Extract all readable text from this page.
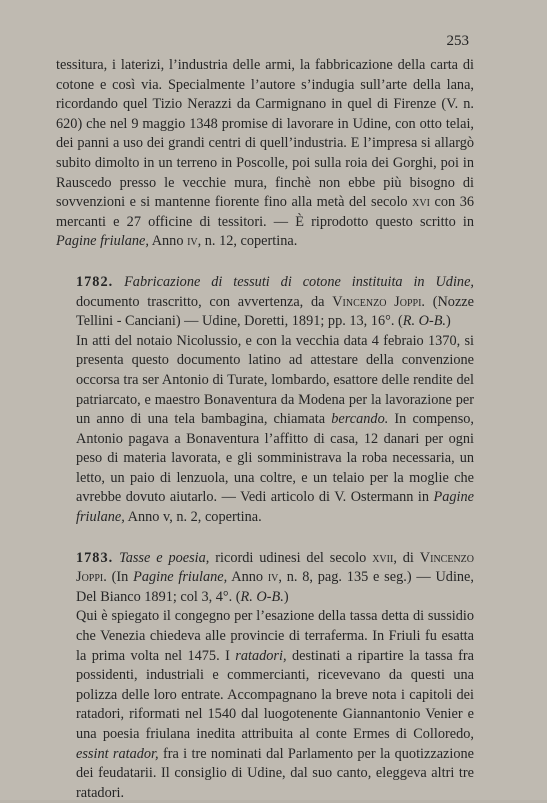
253

tessitura, i laterizi, l’industria delle armi, la fabbricazione della carta di cotone e così via. Specialmente l’autore s’indugia sull’arte della lana, ricordando quel Tizio Nerazzi da Carmignano in quel di Firenze (V. n. 620) che nel 9 maggio 1348 promise di lavorare in Udine, con otto telai, dei panni a uso dei grandi centri di quell’industria. E l’impresa si allargò subito dimolto in un terreno in Poscolle, poi sulla roia dei Gorghi, poi in Rauscedo presso le vecchie mura, finchè non ebbe più bisogno di sovvenzioni e si mantenne fiorente fino alla metà del secolo xvi con 36 mercanti e 27 officine di tessitori. — È riprodotto questo scritto in Pagine friulane, Anno iv, n. 12, copertina.

1782. Fabricazione di tessuti di cotone instituita in Udine, documento trascritto, con avvertenza, da Vincenzo Joppi. (Nozze Tellini - Canciani) — Udine, Doretti, 1891; pp. 13, 16°. (R. O-B.)

In atti del notaio Nicolussio, e con la vecchia data 4 febraio 1370, si presenta questo documento latino ad attestare della convenzione occorsa tra ser Antonio di Turate, lombardo, esattore delle rendite del patriarcato, e maestro Bonaventura da Modena per la lavorazione per un anno di una tela bambagina, chiamata bercando. In compenso, Antonio pagava a Bonaventura l’affitto di casa, 12 danari per ogni peso di materia lavorata, e gli somministrava la roba necessaria, un letto, un paio di lenzuola, una coltre, e un telaio per la moglie che avrebbe dovuto aiutarlo. — Vedi articolo di V. Ostermann in Pagine friulane, Anno v, n. 2, copertina.

1783. Tasse e poesia, ricordi udinesi del secolo xvii, di Vincenzo Joppi. (In Pagine friulane, Anno iv, n. 8, pag. 135 e seg.) — Udine, Del Bianco 1891; col 3, 4°. (R. O-B.)

Qui è spiegato il congegno per l’esazione della tassa detta di sussidio che Venezia chiedeva alle provincie di terraferma. In Friuli fu esatta la prima volta nel 1475. I ratadori, destinati a ripartire la tassa fra possidenti, industriali e commercianti, ricevevano da questi una polizza delle loro entrate. Accompagnano la breve nota i capitoli dei ratadori, riformati nel 1540 dal luogotenente Giannantonio Venier e una poesia friulana inedita attribuita al conte Ermes di Colloredo, essint ratador, fra i tre nominati dal Parlamento per la quotizzazione dei feudatarii. Il consiglio di Udine, dal suo canto, eleggeva altri tre ratadori.
